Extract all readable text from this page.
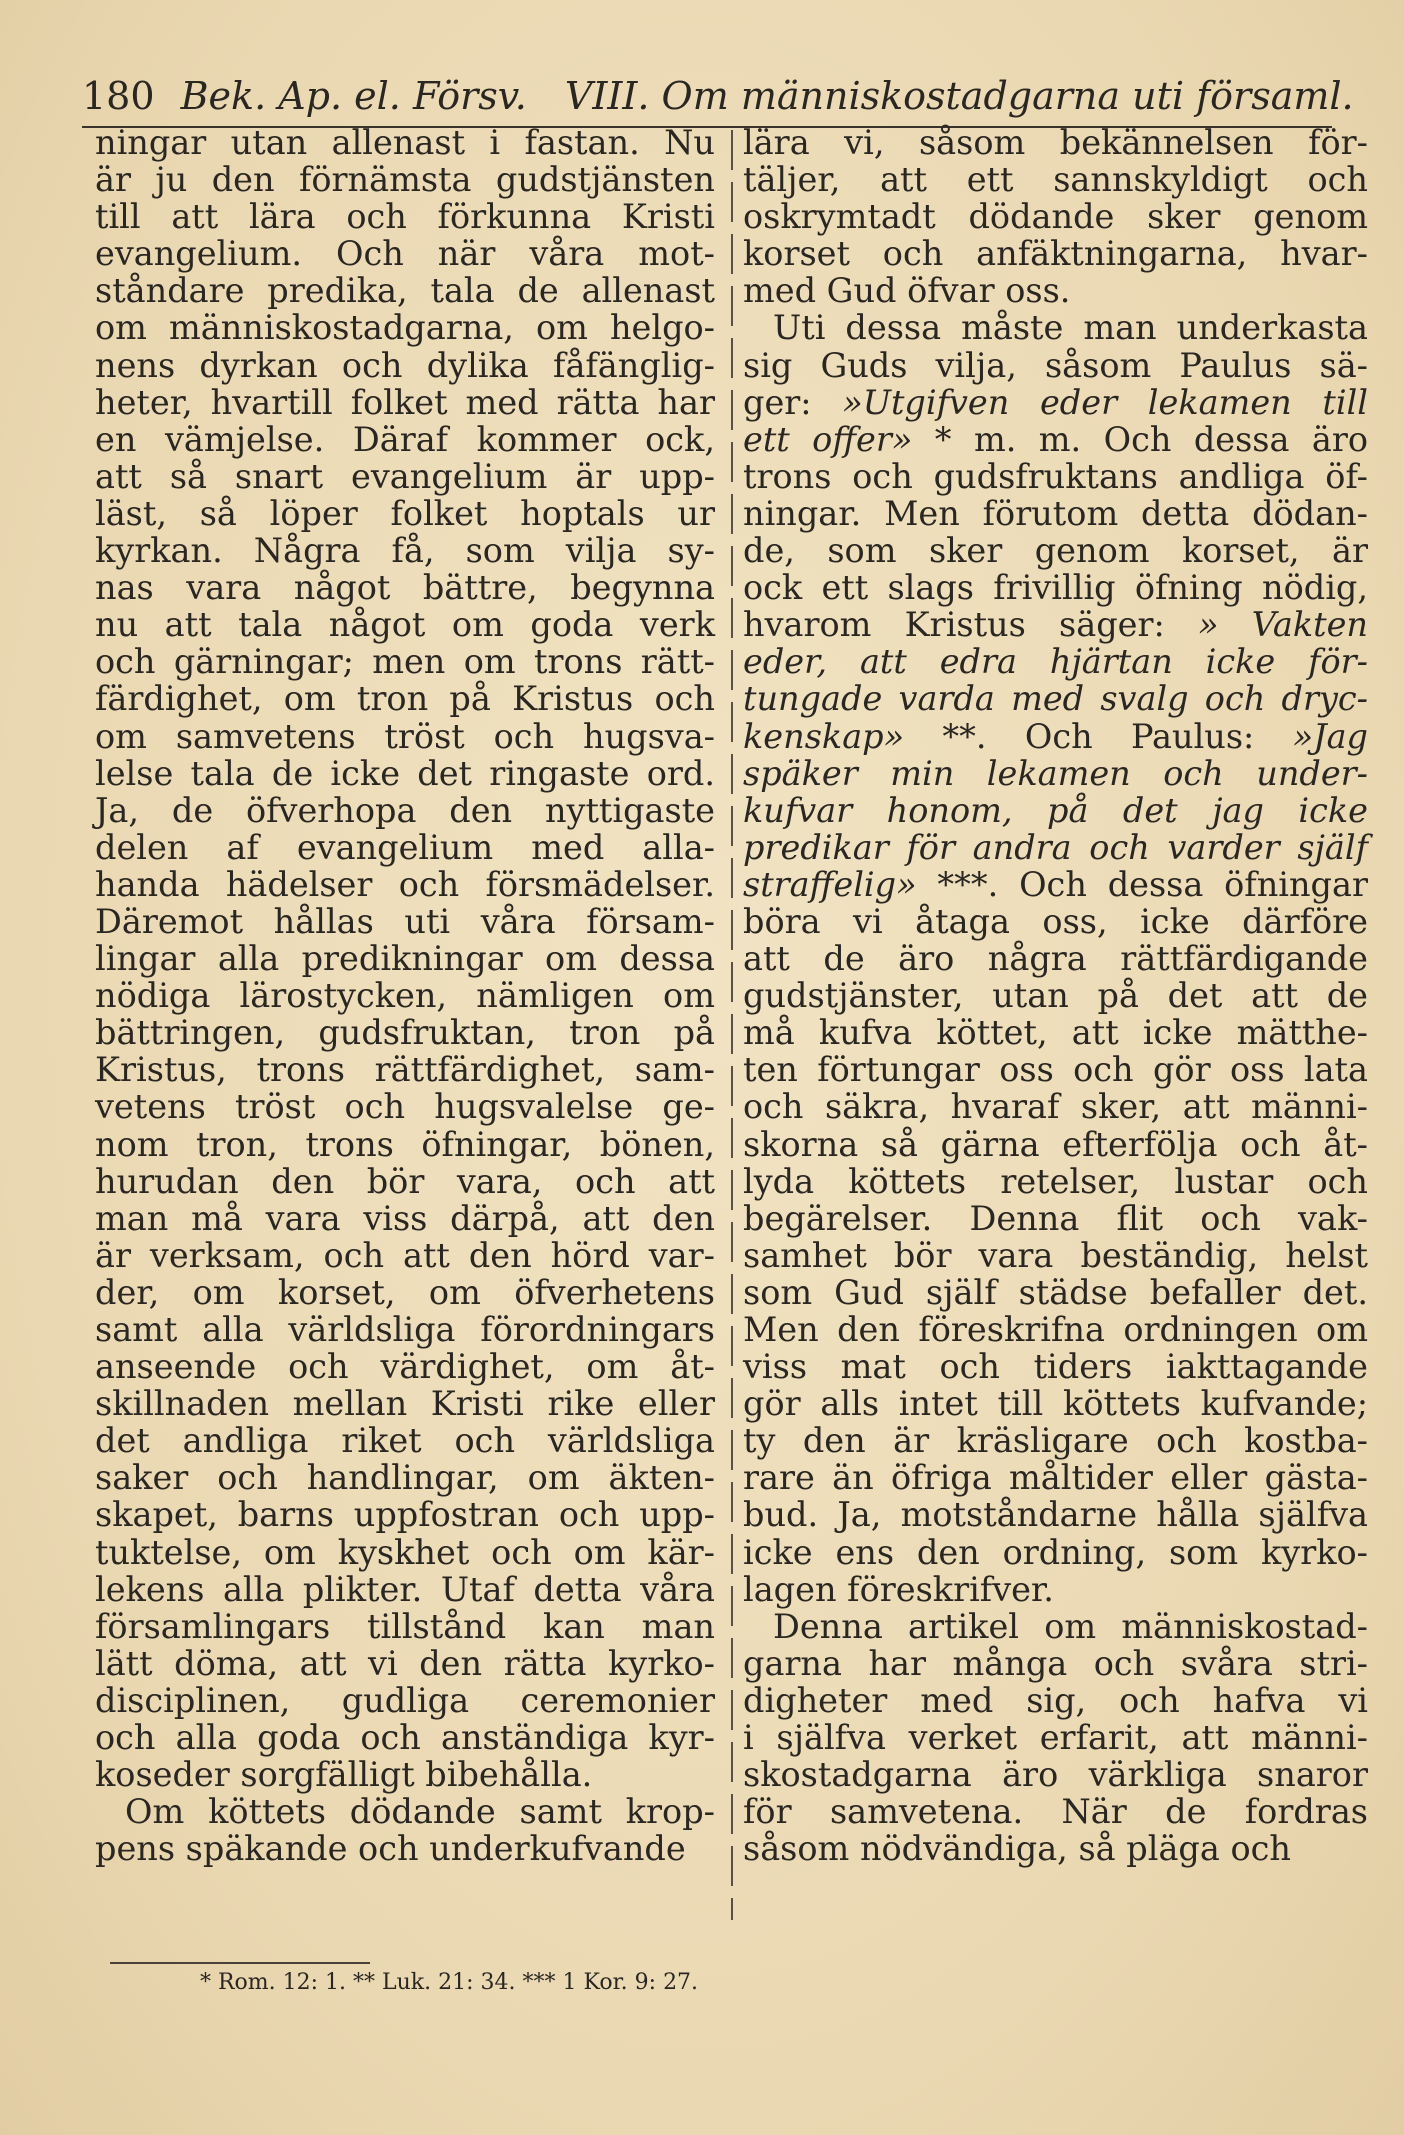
180 Bek. Ap. el. Försv. VIII. Om människostadgarna uti församl.
ningar utan allenast i fastan. Nu
är ju den förnämsta gudstjänsten
till att lära och förkunna Kristi
evangelium. Och när våra mot-
ståndare predika, tala de allenast
om människostadgarna, om helgo-
nens dyrkan och dylika fåfänglig-
heter, hvartill folket med rätta har
en vämjelse. Däraf kommer ock,
att så snart evangelium är upp-
läst, så löper folket hoptals ur
kyrkan. Några få, som vilja sy-
nas vara något bättre, begynna
nu att tala något om goda verk
och gärningar; men om trons rätt-
färdighet, om tron på Kristus och
om samvetens tröst och hugsva-
lelse tala de icke det ringaste ord.
Ja, de öfverhopa den nyttigaste
delen af evangelium med alla-
handa hädelser och försmädelser.
Däremot hållas uti våra försam-
lingar alla predikningar om dessa
nödiga lärostycken, nämligen om
bättringen, gudsfruktan, tron på
Kristus, trons rättfärdighet, sam-
vetens tröst och hugsvalelse ge-
nom tron, trons öfningar, bönen,
hurudan den bör vara, och att
man må vara viss därpå, att den
är verksam, och att den hörd var-
der, om korset, om öfverhetens
samt alla världsliga förordningars
anseende och värdighet, om åt-
skillnaden mellan Kristi rike eller
det andliga riket och världsliga
saker och handlingar, om äkten-
skapet, barns uppfostran och upp-
tuktelse, om kyskhet och om kär-
lekens alla plikter. Utaf detta våra
församlingars tillstånd kan man
lätt döma, att vi den rätta kyrko-
disciplinen, gudliga ceremonier
och alla goda och anständiga kyr-
koseder sorgfälligt bibehålla.
Om köttets dödande samt krop-
pens späkande och underkufvande
lära vi, såsom bekännelsen för-
täljer, att ett sannskyldigt och
oskrymtadt dödande sker genom
korset och anfäktningarna, hvar-
med Gud öfvar oss.
Uti dessa måste man underkasta
sig Guds vilja, såsom Paulus sä-
ger: »Utgifven eder lekamen till
ett offer» * m. m. Och dessa äro
trons och gudsfruktans andliga öf-
ningar. Men förutom detta dödan-
de, som sker genom korset, är
ock ett slags frivillig öfning nödig,
hvarom Kristus säger: » Vakten
eder, att edra hjärtan icke för-
tungade varda med svalg och dryc-
kenskap» **. Och Paulus: »Jag
späker min lekamen och under-
kufvar honom, på det jag icke
predikar för andra och varder själf
straffelig» ***. Och dessa öfningar
böra vi åtaga oss, icke därföre
att de äro några rättfärdigande
gudstjänster, utan på det att de
må kufva köttet, att icke mätthe-
ten förtungar oss och gör oss lata
och säkra, hvaraf sker, att männi-
skorna så gärna efterfölja och åt-
lyda köttets retelser, lustar och
begärelser. Denna flit och vak-
samhet bör vara beständig, helst
som Gud själf städse befaller det.
Men den föreskrifna ordningen om
viss mat och tiders iakttagande
gör alls intet till köttets kufvande;
ty den är kräsligare och kostba-
rare än öfriga måltider eller gästa-
bud. Ja, motståndarne hålla själfva
icke ens den ordning, som kyrko-
lagen föreskrifver.
Denna artikel om människostad-
garna har många och svåra stri-
digheter med sig, och hafva vi
i själfva verket erfarit, att männi-
skostadgarna äro värkliga snaror
för samvetena. När de fordras
såsom nödvändiga, så pläga och
* Rom. 12: 1. ** Luk. 21: 34. *** 1 Kor. 9: 27.
